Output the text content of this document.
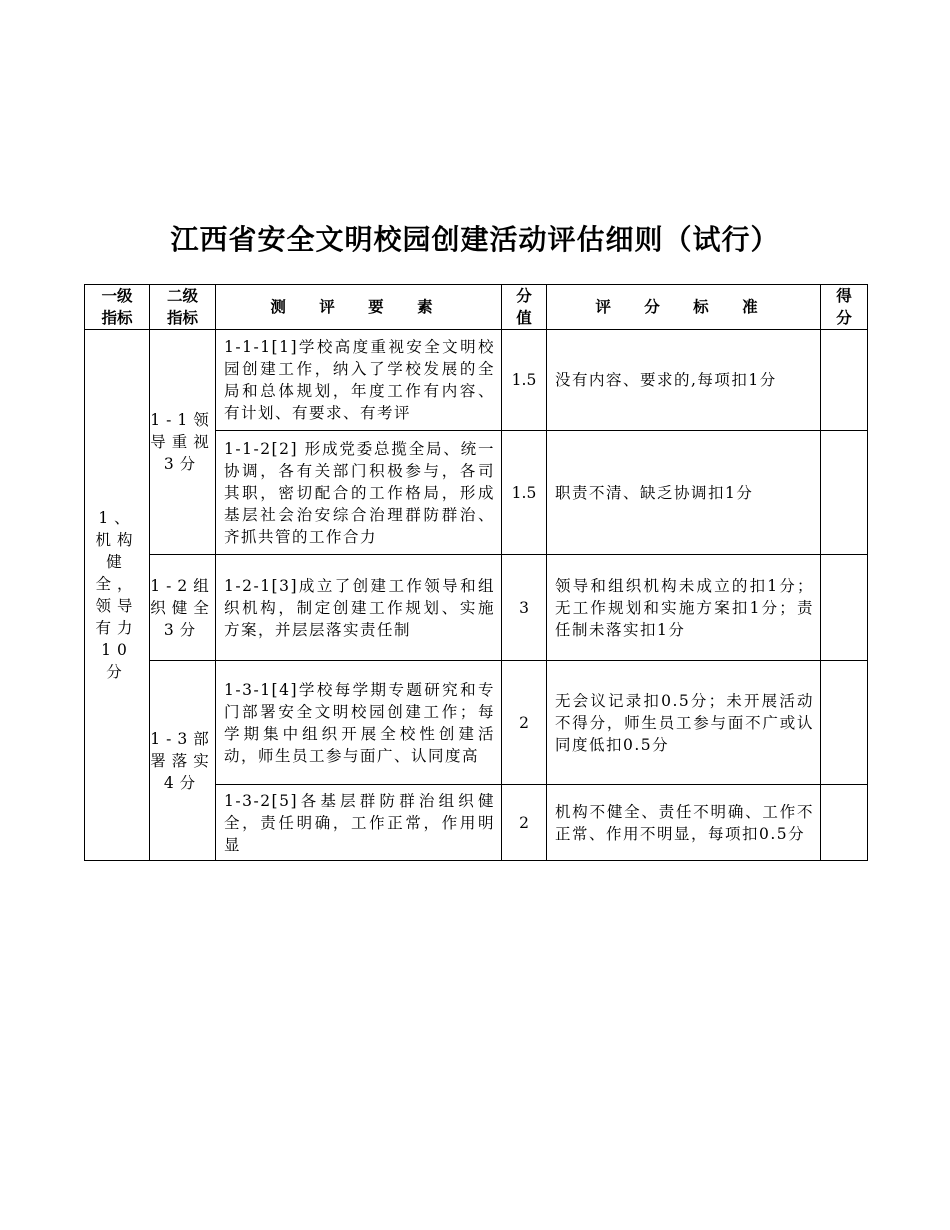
江西省安全文明校园创建活动评估细则（试行）
一级指标	二级指标	测 评 要 素	分值	评 分 标 准	得分
1、机构健全，领导有力10分	1-1领导重视3分	1-1-1[1]学校高度重视安全文明校园创建工作，纳入了学校发展的全局和总体规划，年度工作有内容、有计划、有要求、有考评	1.5	没有内容、要求的,每项扣1分	
		1-1-2[2] 形成党委总揽全局、统一协调，各有关部门积极参与，各司其职，密切配合的工作格局，形成基层社会治安综合治理群防群治、齐抓共管的工作合力	1.5	职责不清、缺乏协调扣1分	
	1-2组织健全3分	1-2-1[3]成立了创建工作领导和组织机构，制定创建工作规划、实施方案，并层层落实责任制	3	领导和组织机构未成立的扣1分；无工作规划和实施方案扣1分；责任制未落实扣1分	
	1-3部署落实4分	1-3-1[4]学校每学期专题研究和专门部署安全文明校园创建工作；每学期集中组织开展全校性创建活动，师生员工参与面广、认同度高	2	无会议记录扣0.5分；未开展活动不得分，师生员工参与面不广或认同度低扣0.5分	
		1-3-2[5]各基层群防群治组织健全，责任明确，工作正常，作用明显	2	机构不健全、责任不明确、工作不正常、作用不明显，每项扣0.5分	
